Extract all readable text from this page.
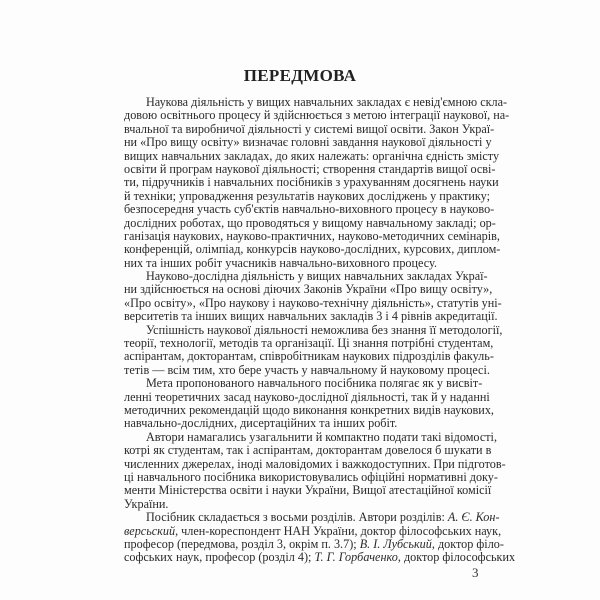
ПЕРЕДМОВА
Наукова діяльність у вищих навчальних закладах є невід'ємною скла-
довою освітнього процесу й здійснюється з метою інтеграції наукової, на-
вчальної та виробничої діяльності у системі вищої освіти. Закон Украї-
ни «Про вищу освіту» визначає головні завдання наукової діяльності у
вищих навчальних закладах, до яких належать: органічна єдність змісту
освіти й програм наукової діяльності; створення стандартів вищої осві-
ти, підручників і навчальних посібників з урахуванням досягнень науки
й техніки; упровадження результатів наукових досліджень у практику;
безпосередня участь суб'єктів навчально-виховного процесу в науково-
дослідних роботах, що проводяться у вищому навчальному закладі; ор-
ганізація наукових, науково-практичних, науково-методичних семінарів,
конференцій, олімпіад, конкурсів науково-дослідних, курсових, диплом-
них та інших робіт учасників навчально-виховного процесу.
Науково-дослідна діяльність у вищих навчальних закладах Украї-
ни здійснюється на основі діючих Законів України «Про вищу освіту»,
«Про освіту», «Про наукову і науково-технічну діяльність», статутів уні-
верситетів та інших вищих навчальних закладів 3 і 4 рівнів акредитації.
Успішність наукової діяльності неможлива без знання її методології,
теорії, технології, методів та організації. Ці знання потрібні студентам,
аспірантам, докторантам, співробітникам наукових підрозділів факуль-
тетів — всім тим, хто бере участь у навчальному й науковому процесі.
Мета пропонованого навчального посібника полягає як у висвіт-
ленні теоретичних засад науково-дослідної діяльності, так й у наданні
методичних рекомендацій щодо виконання конкретних видів наукових,
навчально-дослідних, дисертаційних та інших робіт.
Автори намагались узагальнити й компактно подати такі відомості,
котрі як студентам, так і аспірантам, докторантам довелося б шукати в
численних джерелах, іноді маловідомих і важкодоступних. При підготов-
ці навчального посібника використовувались офіційні нормативні доку-
менти Міністерства освіти і науки України, Вищої атестаційної комісії
України.
Посібник складається з восьми розділів. Автори розділів: А. Є. Кон-
версьский, член-кореспондент НАН України, доктор філософських наук,
професор (передмова, розділ 3, окрім п. 3.7); В. І. Лубський, доктор філо-
софських наук, професор (розділ 4); Т. Г. Горбаченко, доктор філософських
3
